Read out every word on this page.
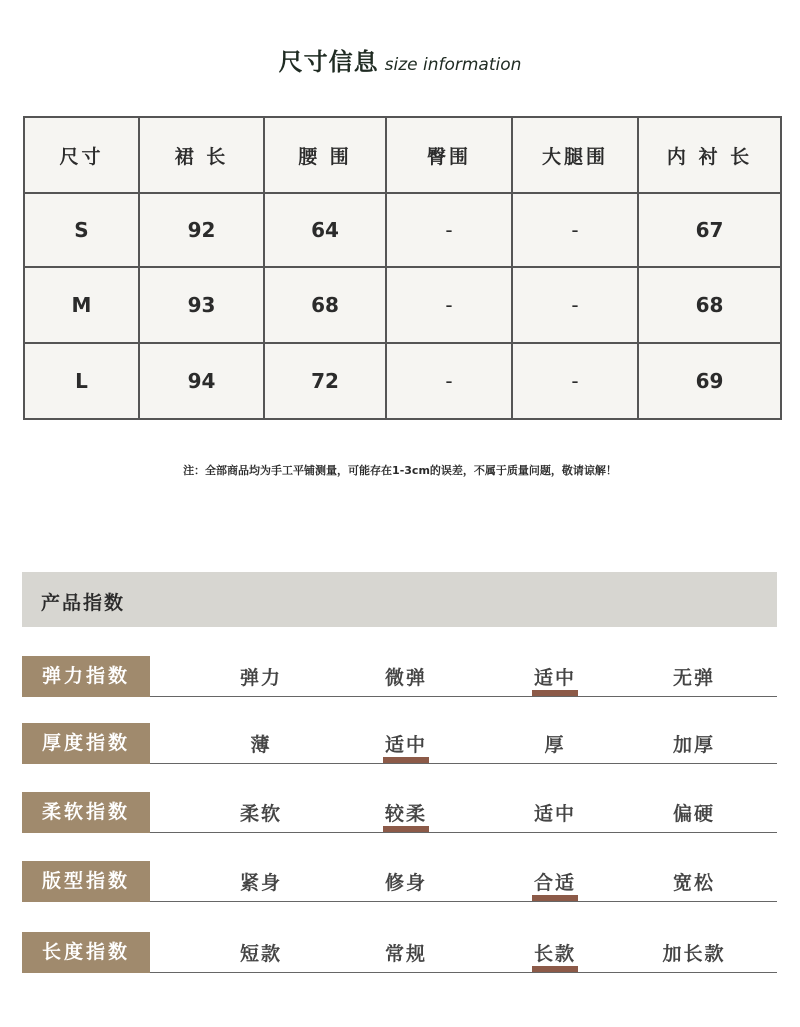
尺寸信息 size information
尺寸	裙 长	腰 围	臀围	大腿围	内 衬 长
S	92	64	-	-	67
M	93	68	-	-	68
L	94	72	-	-	69
注：全部商品均为手工平铺测量，可能存在1-3cm的误差，不属于质量问题，敬请谅解！
产品指数
弹力指数	弹力	微弹	适中	无弹
厚度指数	薄	适中	厚	加厚
柔软指数	柔软	较柔	适中	偏硬
版型指数	紧身	修身	合适	宽松
长度指数	短款	常规	长款	加长款
